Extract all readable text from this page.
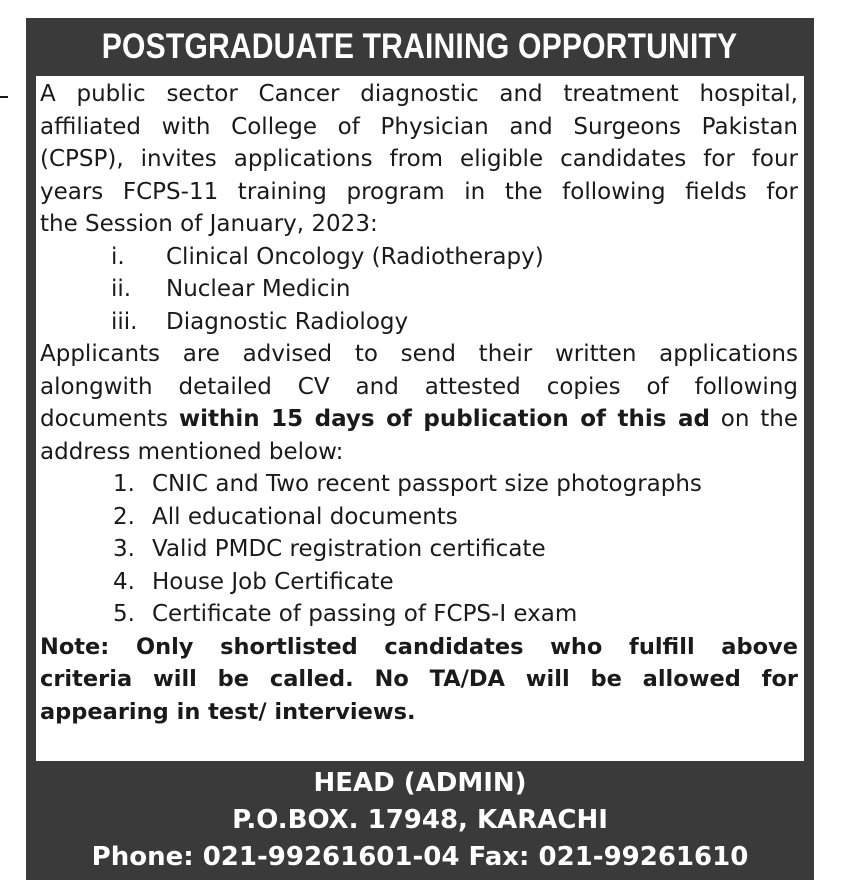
POSTGRADUATE TRAINING OPPORTUNITY

A public sector Cancer diagnostic and treatment hospital,
affiliated with College of Physician and Surgeons Pakistan
(CPSP), invites applications from eligible candidates for four
years FCPS-11 training program in the following fields for
the Session of January, 2023:

i.	Clinical Oncology (Radiotherapy)
ii.	Nuclear Medicin
iii.	Diagnostic Radiology

Applicants are advised to send their written applications
alongwith detailed CV and attested copies of following
documents within 15 days of publication of this ad on the
address mentioned below:

1. CNIC and Two recent passport size photographs
2. All educational documents
3. Valid PMDC registration certificate
4. House Job Certificate
5. Certificate of passing of FCPS-I exam

Note: Only shortlisted candidates who fulfill above
criteria will be called. No TA/DA will be allowed for
appearing in test/ interviews.

HEAD (ADMIN)
P.O.BOX. 17948, KARACHI
Phone: 021-99261601-04 Fax: 021-99261610
